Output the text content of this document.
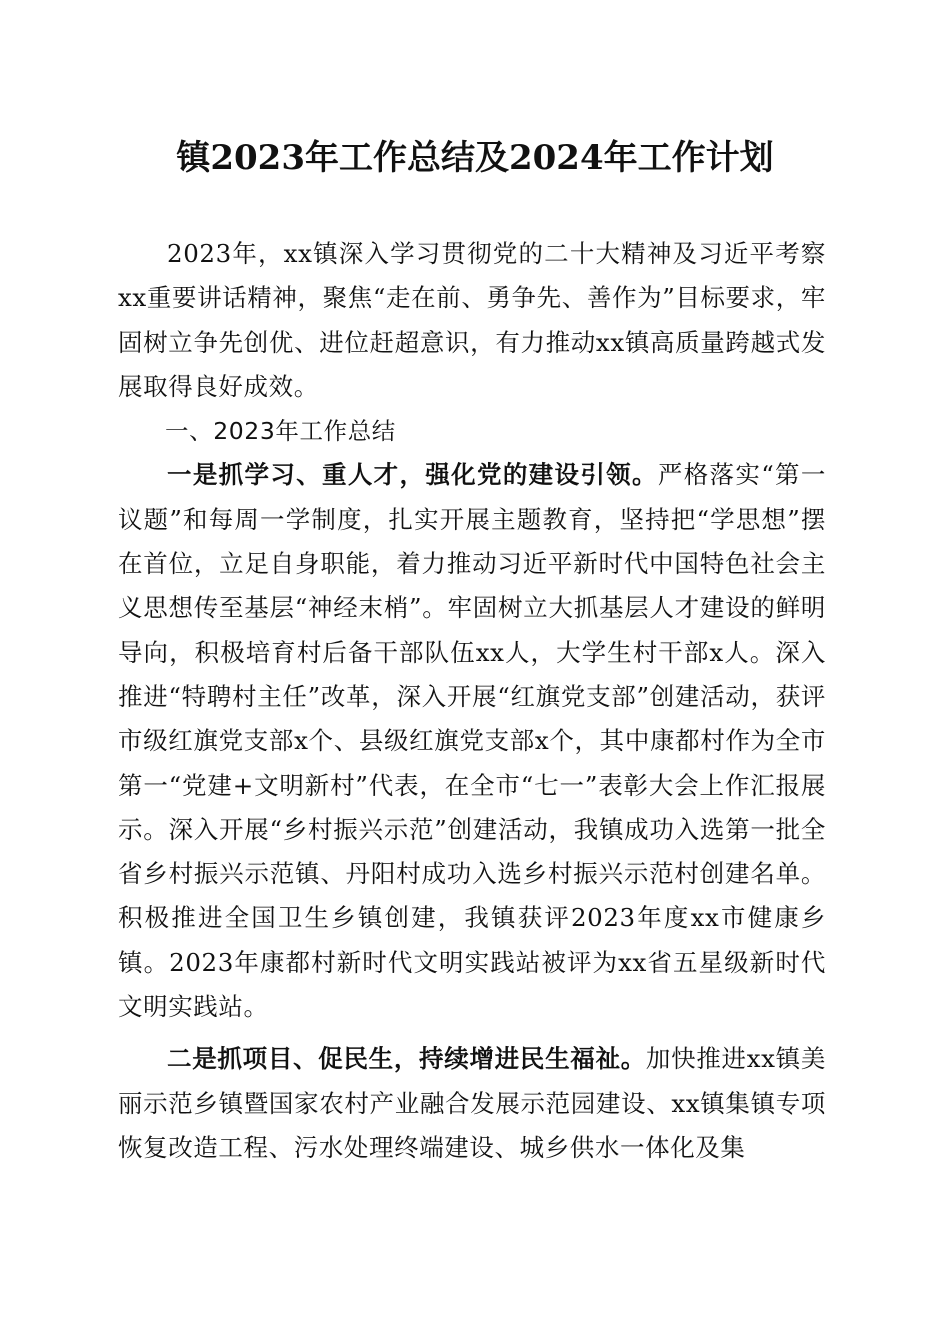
镇2023年工作总结及2024年工作计划

2023年，xx镇深入学习贯彻党的二十大精神及习近平考察xx重要讲话精神，聚焦“走在前、勇争先、善作为”目标要求，牢固树立争先创优、进位赶超意识，有力推动xx镇高质量跨越式发展取得良好成效。

一、2023年工作总结

一是抓学习、重人才，强化党的建设引领。严格落实“第一议题”和每周一学制度，扎实开展主题教育，坚持把“学思想”摆在首位，立足自身职能，着力推动习近平新时代中国特色社会主义思想传至基层“神经末梢”。牢固树立大抓基层人才建设的鲜明导向，积极培育村后备干部队伍xx人，大学生村干部x人。深入推进“特聘村主任”改革，深入开展“红旗党支部”创建活动，获评市级红旗党支部x个、县级红旗党支部x个，其中康都村作为全市第一“党建+文明新村”代表，在全市“七一”表彰大会上作汇报展示。深入开展“乡村振兴示范”创建活动，我镇成功入选第一批全省乡村振兴示范镇、丹阳村成功入选乡村振兴示范村创建名单。积极推进全国卫生乡镇创建，我镇获评2023年度xx市健康乡镇。2023年康都村新时代文明实践站被评为xx省五星级新时代文明实践站。

二是抓项目、促民生，持续增进民生福祉。加快推进xx镇美丽示范乡镇暨国家农村产业融合发展示范园建设、xx镇集镇专项恢复改造工程、污水处理终端建设、城乡供水一体化及集
